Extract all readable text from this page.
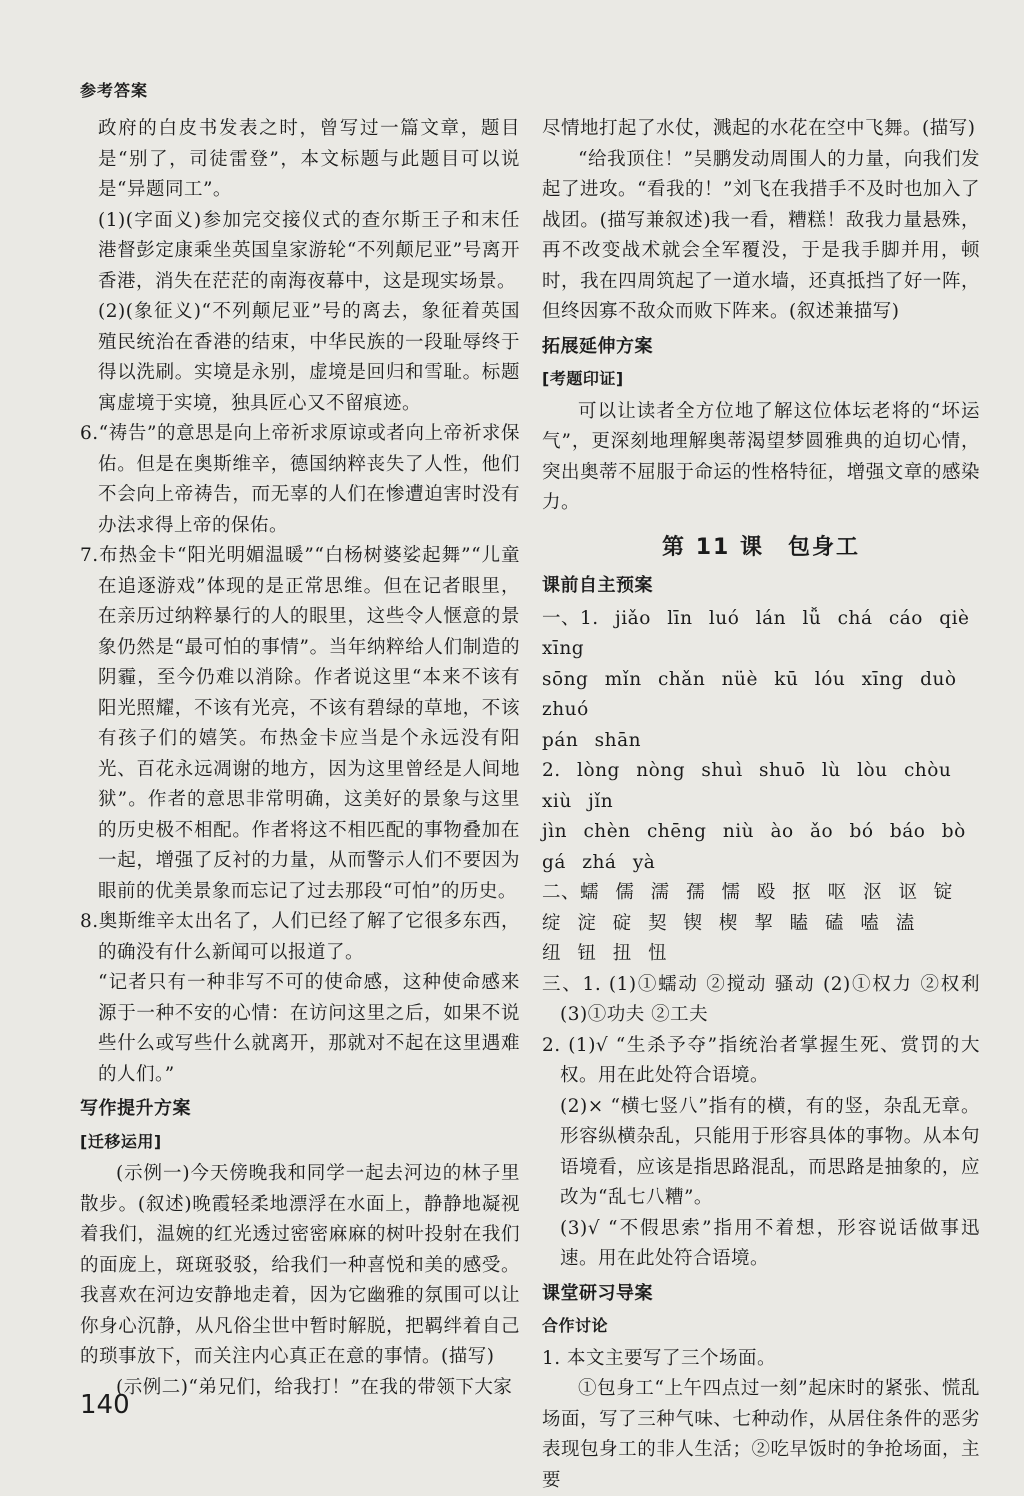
参考答案

政府的白皮书发表之时，曾写过一篇文章，题目是“别了，司徒雷登”，本文标题与此题目可以说是“异题同工”。

(1)(字面义)参加完交接仪式的查尔斯王子和末任港督彭定康乘坐英国皇家游轮“不列颠尼亚”号离开香港，消失在茫茫的南海夜幕中，这是现实场景。

(2)(象征义)“不列颠尼亚”号的离去，象征着英国殖民统治在香港的结束，中华民族的一段耻辱终于得以洗刷。实境是永别，虚境是回归和雪耻。标题寓虚境于实境，独具匠心又不留痕迹。

6.“祷告”的意思是向上帝祈求原谅或者向上帝祈求保佑。但是在奥斯维辛，德国纳粹丧失了人性，他们不会向上帝祷告，而无辜的人们在惨遭迫害时没有办法求得上帝的保佑。

7.布热金卡“阳光明媚温暖”“白杨树婆娑起舞”“儿童在追逐游戏”体现的是正常思维。但在记者眼里，在亲历过纳粹暴行的人的眼里，这些令人惬意的景象仍然是“最可怕的事情”。当年纳粹给人们制造的阴霾，至今仍难以消除。作者说这里“本来不该有阳光照耀，不该有光亮，不该有碧绿的草地，不该有孩子们的嬉笑。布热金卡应当是个永远没有阳光、百花永远凋谢的地方，因为这里曾经是人间地狱”。作者的意思非常明确，这美好的景象与这里的历史极不相配。作者将这不相匹配的事物叠加在一起，增强了反衬的力量，从而警示人们不要因为眼前的优美景象而忘记了过去那段“可怕”的历史。

8.奥斯维辛太出名了，人们已经了解了它很多东西，的确没有什么新闻可以报道了。

“记者只有一种非写不可的使命感，这种使命感来源于一种不安的心情：在访问这里之后，如果不说些什么或写些什么就离开，那就对不起在这里遇难的人们。”

写作提升方案
[迁移运用]

(示例一)今天傍晚我和同学一起去河边的林子里散步。(叙述)晚霞轻柔地漂浮在水面上，静静地凝视着我们，温婉的红光透过密密麻麻的树叶投射在我们的面庞上，斑斑驳驳，给我们一种喜悦和美的感受。我喜欢在河边安静地走着，因为它幽雅的氛围可以让你身心沉静，从凡俗尘世中暂时解脱，把羁绊着自己的琐事放下，而关注内心真正在意的事情。(描写)

(示例二)“弟兄们，给我打！”在我的带领下大家

尽情地打起了水仗，溅起的水花在空中飞舞。(描写)

“给我顶住！”吴鹏发动周围人的力量，向我们发起了进攻。“看我的！”刘飞在我措手不及时也加入了战团。(描写兼叙述)我一看，糟糕！敌我力量悬殊，再不改变战术就会全军覆没，于是我手脚并用，顿时，我在四周筑起了一道水墙，还真抵挡了好一阵，但终因寡不敌众而败下阵来。(叙述兼描写)

拓展延伸方案
[考题印证]

可以让读者全方位地了解这位体坛老将的“坏运气”，更深刻地理解奥蒂渴望梦圆雅典的迫切心情，突出奥蒂不屈服于命运的性格特征，增强文章的感染力。

第 11 课　包身工
课前自主预案

一、1. jiǎo līn luó lán lǚ chá cáo qiè xīng

sōng mǐn chǎn nüè kū lóu xīng duò zhuó

pán shān

2. lòng nòng shuì shuō lù lòu chòu xiù jǐn

jìn chèn chēng niù ào ǎo bó báo bò

gá zhá yà

二、蠕 儒 濡 孺 懦 殴 抠 呕 沤 讴 锭

绽 淀 碇 契 锲 楔 挈 瞌 磕 嗑 溘

纽 钮 扭 忸

三、1. (1)①蠕动 ②搅动 骚动 (2)①权力 ②权利 (3)①功夫 ②工夫

2. (1)√ “生杀予夺”指统治者掌握生死、赏罚的大权。用在此处符合语境。

(2)× “横七竖八”指有的横，有的竖，杂乱无章。形容纵横杂乱，只能用于形容具体的事物。从本句语境看，应该是指思路混乱，而思路是抽象的，应改为“乱七八糟”。

(3)√ “不假思索”指用不着想，形容说话做事迅速。用在此处符合语境。

课堂研习导案
合作讨论

1. 本文主要写了三个场面。

①包身工“上午四点过一刻”起床时的紧张、慌乱场面，写了三种气味、七种动作，从居住条件的恶劣表现包身工的非人生活；②吃早饭时的争抢场面，主要

140
